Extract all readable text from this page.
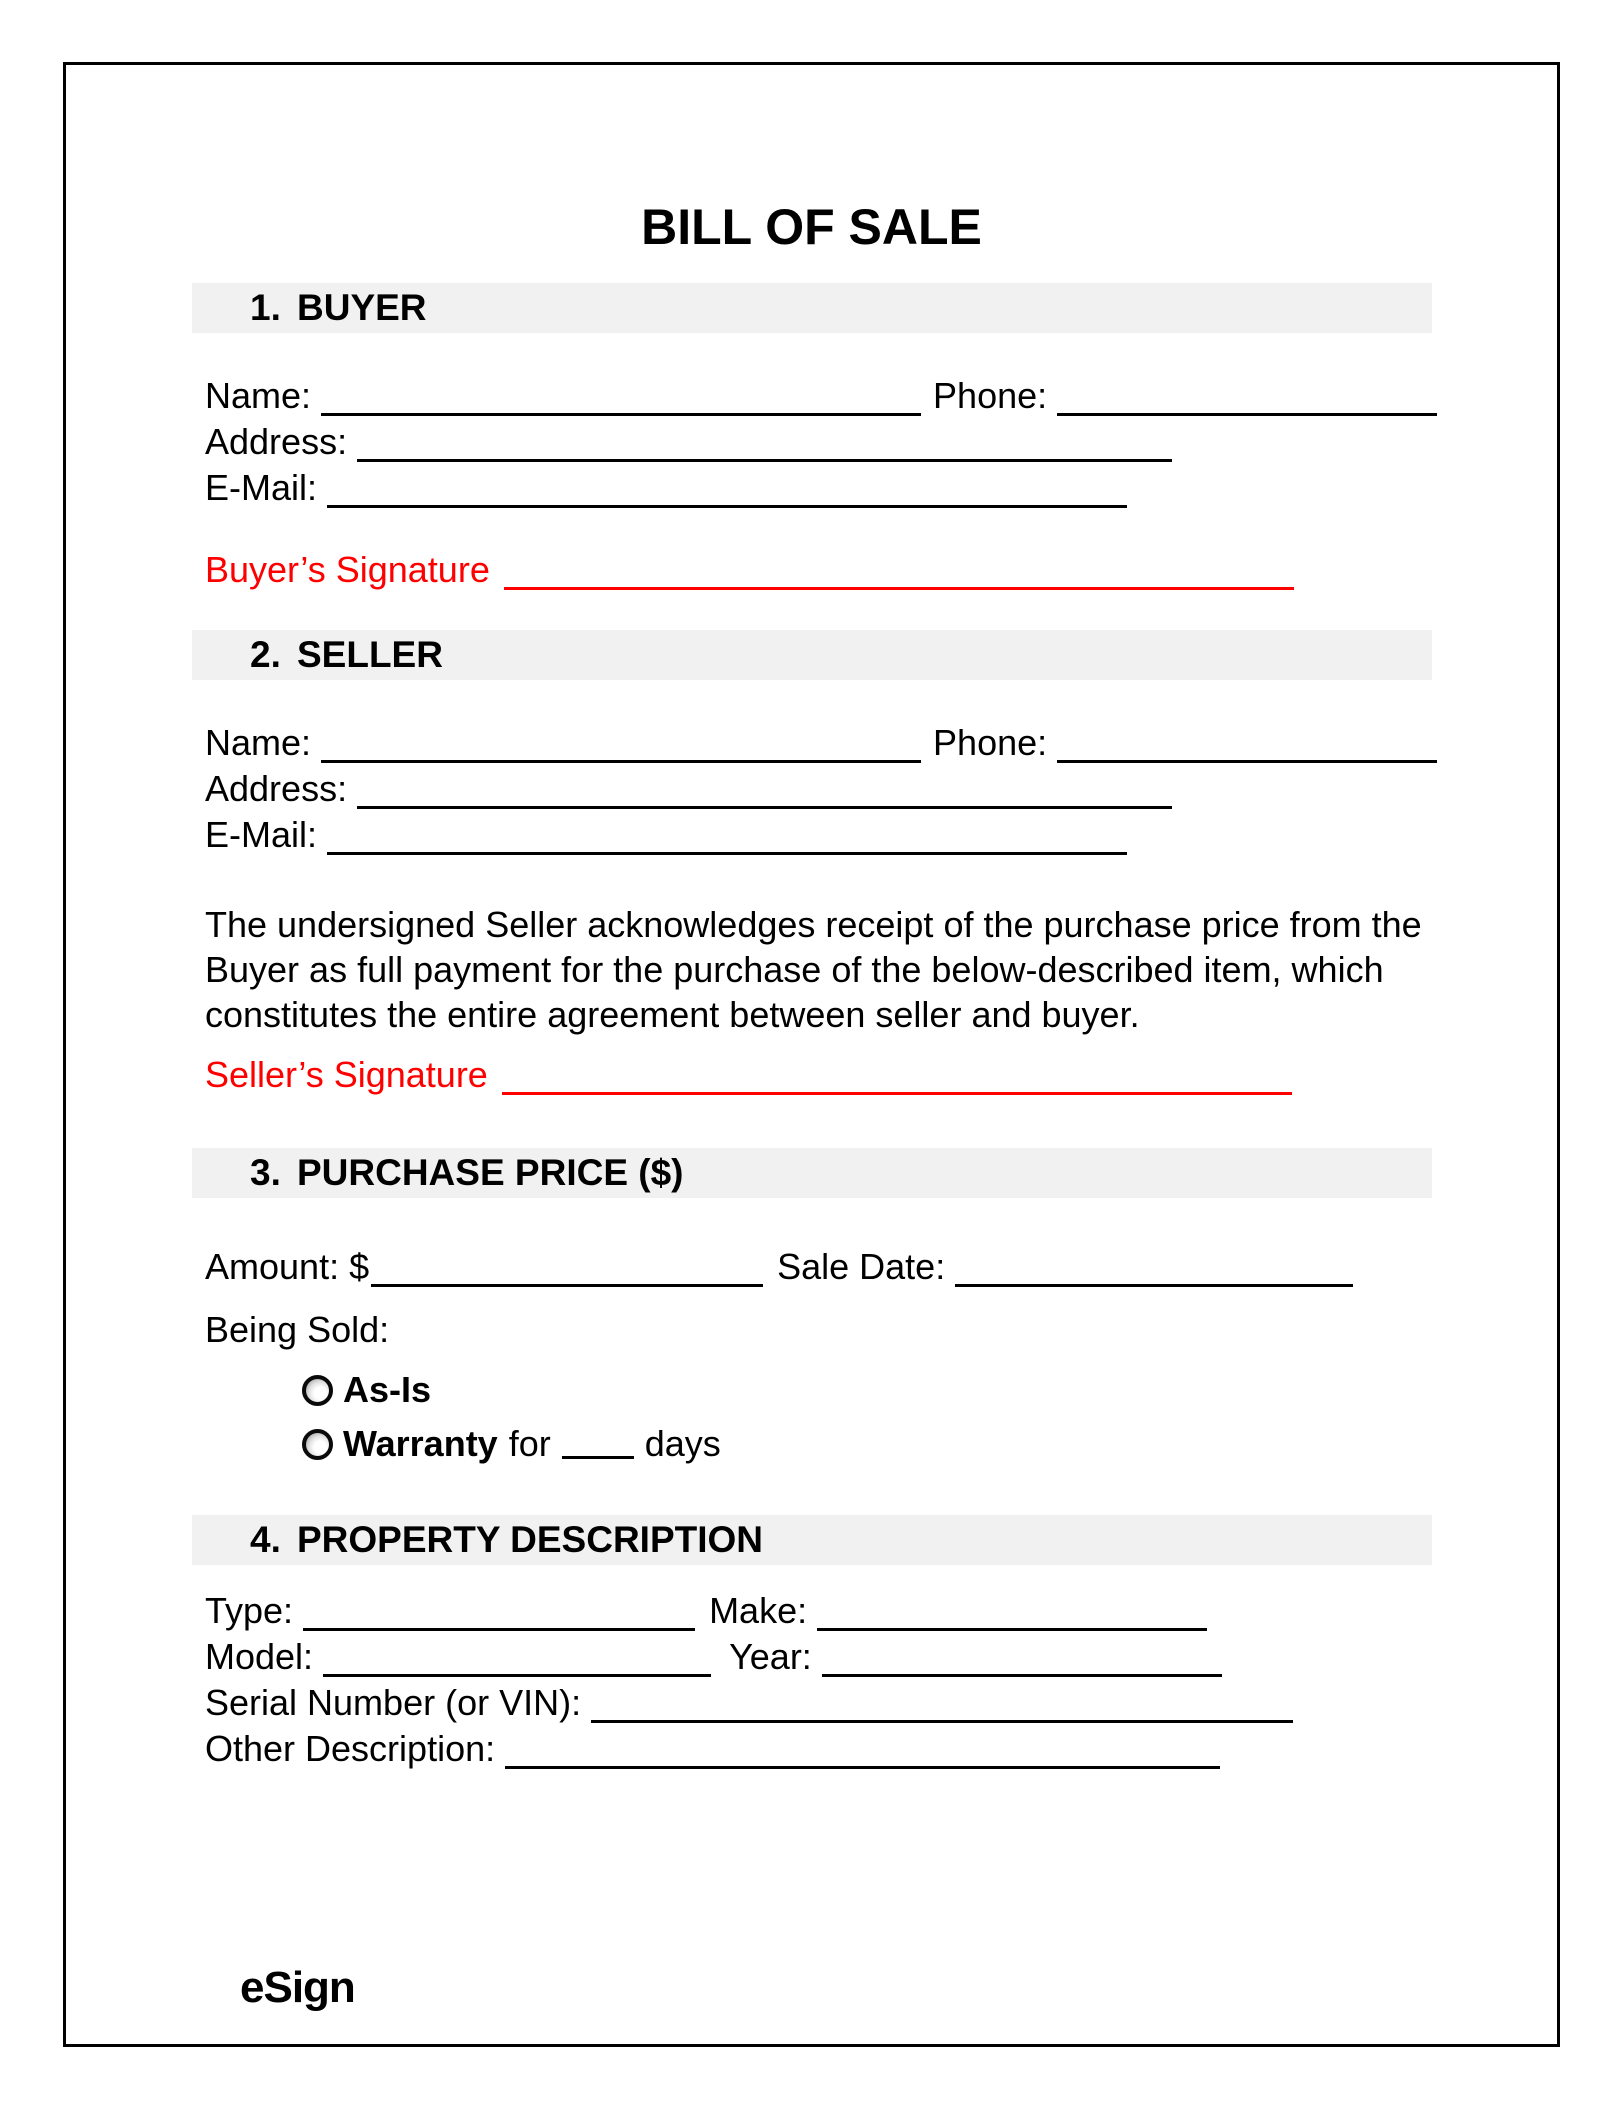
BILL OF SALE
1. BUYER
Name:	Phone:
Address:
E-Mail:
Buyer’s Signature
2. SELLER
Name:	Phone:
Address:
E-Mail:
The undersigned Seller acknowledges receipt of the purchase price from the Buyer as full payment for the purchase of the below-described item, which constitutes the entire agreement between seller and buyer.
Seller’s Signature
3. PURCHASE PRICE ($)
Amount: $	Sale Date:
Being Sold:
As-Is
Warranty for	days
4. PROPERTY DESCRIPTION
Type:	Make:
Model:	Year:
Serial Number (or VIN):
Other Description:
eSign
